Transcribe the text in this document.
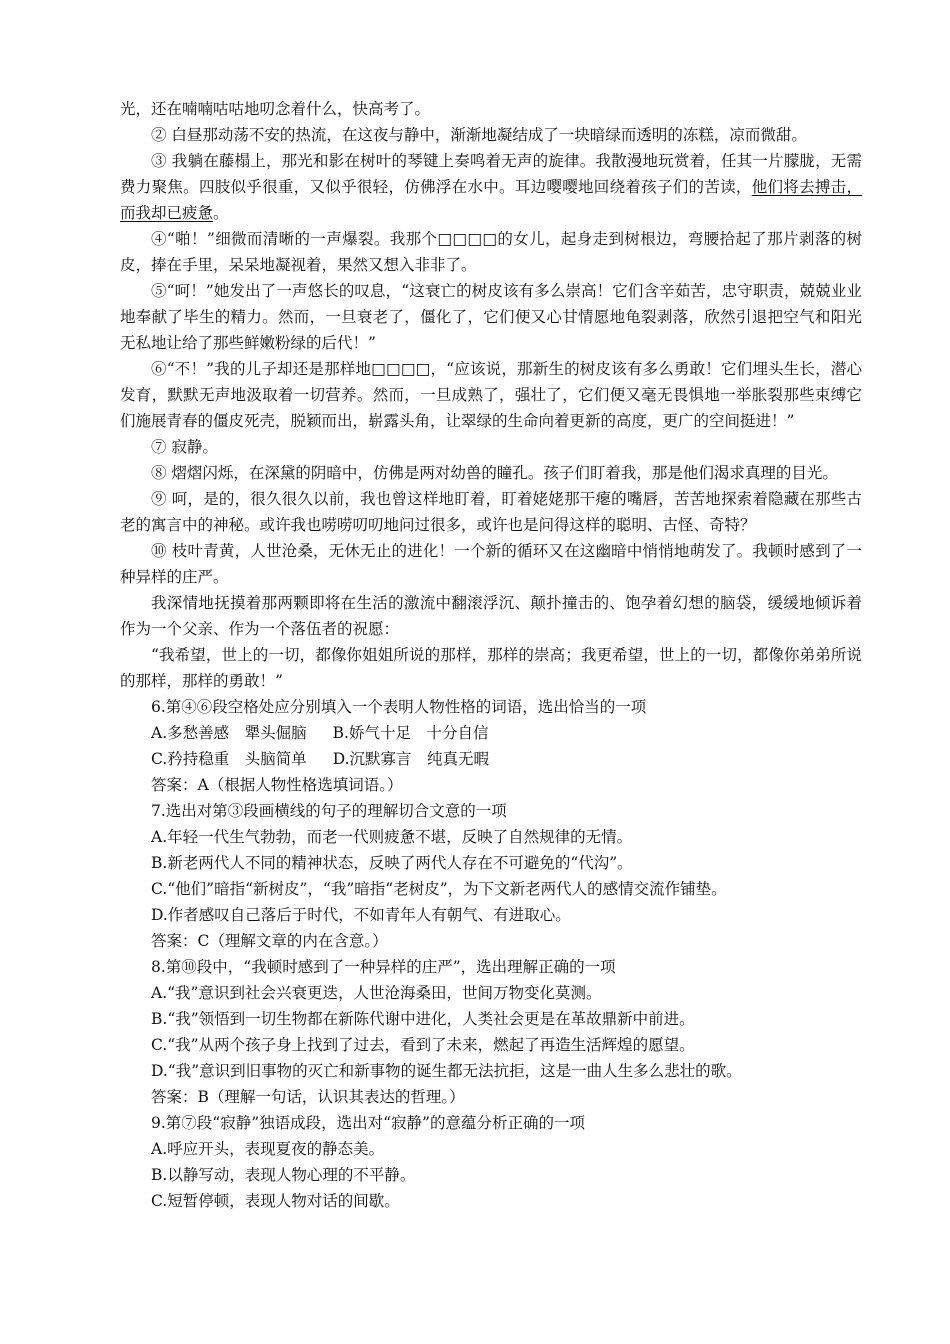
光，还在喃喃咕咕地叨念着什么，快高考了。

② 白昼那动荡不安的热流，在这夜与静中，渐渐地凝结成了一块暗绿而透明的冻糕，凉而微甜。

③ 我躺在藤榻上，那光和影在树叶的琴键上奏鸣着无声的旋律。我散漫地玩赏着，任其一片朦胧，无需费力聚焦。四肢似乎很重，又似乎很轻，仿佛浮在水中。耳边嘤嘤地回绕着孩子们的苦读，他们将去搏击，而我却已疲惫。

④“啪！”细微而清晰的一声爆裂。我那个□□□□的女儿，起身走到树根边，弯腰拾起了那片剥落的树皮，捧在手里，呆呆地凝视着，果然又想入非非了。

⑤“呵！”她发出了一声悠长的叹息，“这衰亡的树皮该有多么崇高！它们含辛茹苦，忠守职责，兢兢业业地奉献了毕生的精力。然而，一旦衰老了，僵化了，它们便又心甘情愿地龟裂剥落，欣然引退把空气和阳光无私地让给了那些鲜嫩粉绿的后代！”

⑥“不！”我的儿子却还是那样地□□□□，“应该说，那新生的树皮该有多么勇敢！它们埋头生长，潜心发育，默默无声地汲取着一切营养。然而，一旦成熟了，强壮了，它们便又毫无畏惧地一举胀裂那些束缚它们施展青春的僵皮死壳，脱颖而出，崭露头角，让翠绿的生命向着更新的高度，更广的空间挺进！”

⑦ 寂静。

⑧ 熠熠闪烁，在深黛的阴暗中，仿佛是两对幼兽的瞳孔。孩子们盯着我，那是他们渴求真理的目光。

⑨ 呵，是的，很久很久以前，我也曾这样地盯着，盯着姥姥那干瘪的嘴唇，苦苦地探索着隐藏在那些古老的寓言中的神秘。或许我也唠唠叨叨地问过很多，或许也是问得这样的聪明、古怪、奇特？

⑩ 枝叶青黄，人世沧桑，无休无止的进化！一个新的循环又在这幽暗中悄悄地萌发了。我顿时感到了一种异样的庄严。

我深情地抚摸着那两颗即将在生活的激流中翻滚浮沉、颠扑撞击的、饱孕着幻想的脑袋，缓缓地倾诉着作为一个父亲、作为一个落伍者的祝愿：

“我希望，世上的一切，都像你姐姐所说的那样，那样的崇高；我更希望，世上的一切，都像你弟弟所说的那样，那样的勇敢！”

6.第④⑥段空格处应分别填入一个表明人物性格的词语，选出恰当的一项

A.多愁善感　犟头倔脑 B.娇气十足　十分自信

C.矜持稳重　头脑简单 D.沉默寡言　纯真无暇

答案：A（根据人物性格选填词语。）

7.选出对第③段画横线的句子的理解切合文意的一项

A.年轻一代生气勃勃，而老一代则疲惫不堪，反映了自然规律的无情。

B.新老两代人不同的精神状态，反映了两代人存在不可避免的“代沟”。

C.“他们”暗指“新树皮”，“我”暗指“老树皮”，为下文新老两代人的感情交流作铺垫。

D.作者感叹自己落后于时代，不如青年人有朝气、有进取心。

答案：C（理解文章的内在含意。）

8.第⑩段中，“我顿时感到了一种异样的庄严”，选出理解正确的一项

A.“我”意识到社会兴衰更迭，人世沧海桑田，世间万物变化莫测。

B.“我”领悟到一切生物都在新陈代谢中进化，人类社会更是在革故鼎新中前进。

C.“我”从两个孩子身上找到了过去，看到了未来，燃起了再造生活辉煌的愿望。

D.“我”意识到旧事物的灭亡和新事物的诞生都无法抗拒，这是一曲人生多么悲壮的歌。

答案：B（理解一句话，认识其表达的哲理。）

9.第⑦段“寂静”独语成段，选出对“寂静”的意蕴分析正确的一项

A.呼应开头，表现夏夜的静态美。

B.以静写动，表现人物心理的不平静。

C.短暂停顿，表现人物对话的间歇。
